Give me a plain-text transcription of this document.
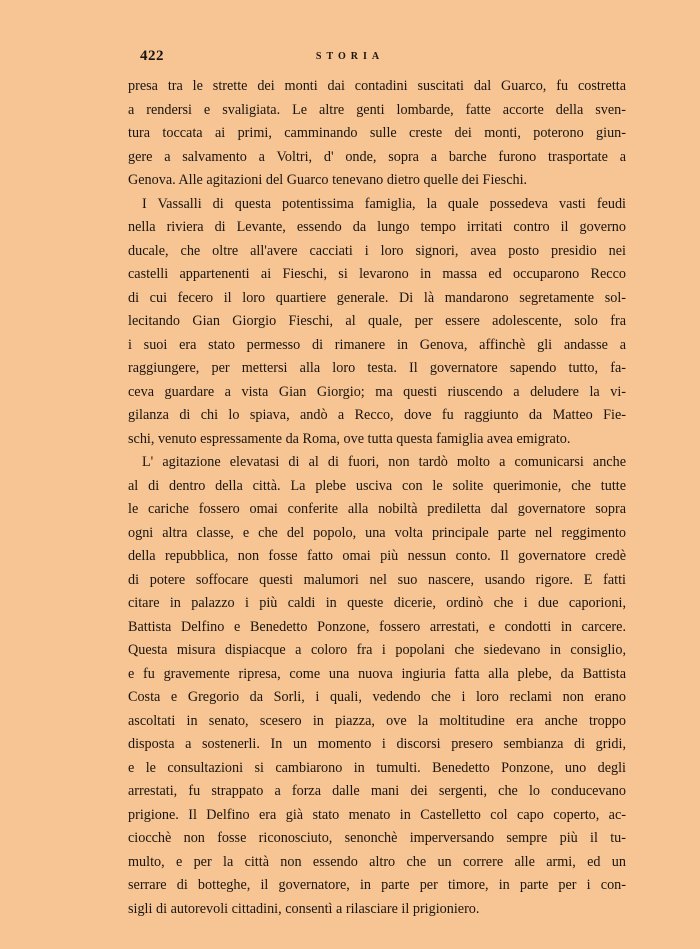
422	STORIA
presa tra le strette dei monti dai contadini suscitati dal Guarco, fu costretta
a rendersi e svaligiata. Le altre genti lombarde, fatte accorte della sven-
tura toccata ai primi, camminando sulle creste dei monti, poterono giun-
gere a salvamento a Voltri, d' onde, sopra a barche furono trasportate a
Genova. Alle agitazioni del Guarco tenevano dietro quelle dei Fieschi.
I Vassalli di questa potentissima famiglia, la quale possedeva vasti feudi
nella riviera di Levante, essendo da lungo tempo irritati contro il governo
ducale, che oltre all'avere cacciati i loro signori, avea posto presidio nei
castelli appartenenti ai Fieschi, si levarono in massa ed occuparono Recco
di cui fecero il loro quartiere generale. Di là mandarono segretamente sol-
lecitando Gian Giorgio Fieschi, al quale, per essere adolescente, solo fra
i suoi era stato permesso di rimanere in Genova, affinchè gli andasse a
raggiungere, per mettersi alla loro testa. Il governatore sapendo tutto, fa-
ceva guardare a vista Gian Giorgio; ma questi riuscendo a deludere la vi-
gilanza di chi lo spiava, andò a Recco, dove fu raggiunto da Matteo Fie-
schi, venuto espressamente da Roma, ove tutta questa famiglia avea emigrato.
L' agitazione elevatasi di al di fuori, non tardò molto a comunicarsi anche
al di dentro della città. La plebe usciva con le solite querimonie, che tutte
le cariche fossero omai conferite alla nobiltà prediletta dal governatore sopra
ogni altra classe, e che del popolo, una volta principale parte nel reggimento
della repubblica, non fosse fatto omai più nessun conto. Il governatore credè
di potere soffocare questi malumori nel suo nascere, usando rigore. E fatti
citare in palazzo i più caldi in queste dicerie, ordinò che i due caporioni,
Battista Delfino e Benedetto Ponzone, fossero arrestati, e condotti in carcere.
Questa misura dispiacque a coloro fra i popolani che siedevano in consiglio,
e fu gravemente ripresa, come una nuova ingiuria fatta alla plebe, da Battista
Costa e Gregorio da Sorli, i quali, vedendo che i loro reclami non erano
ascoltati in senato, scesero in piazza, ove la moltitudine era anche troppo
disposta a sostenerli. In un momento i discorsi presero sembianza di gridi,
e le consultazioni si cambiarono in tumulti. Benedetto Ponzone, uno degli
arrestati, fu strappato a forza dalle mani dei sergenti, che lo conducevano
prigione. Il Delfino era già stato menato in Castelletto col capo coperto, ac-
ciocchè non fosse riconosciuto, senonchè imperversando sempre più il tu-
multo, e per la città non essendo altro che un correre alle armi, ed un
serrare di botteghe, il governatore, in parte per timore, in parte per i con-
sigli di autorevoli cittadini, consentì a rilasciare il prigioniero.
